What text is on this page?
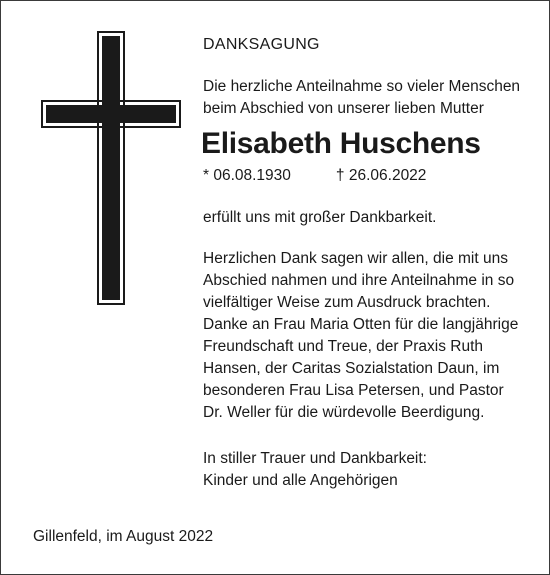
DANKSAGUNG
Die herzliche Anteilnahme so vieler Menschen
beim Abschied von unserer lieben Mutter
Elisabeth Huschens
* 06.08.1930	† 26.06.2022
erfüllt uns mit großer Dankbarkeit.
Herzlichen Dank sagen wir allen, die mit uns
Abschied nahmen und ihre Anteilnahme in so
vielfältiger Weise zum Ausdruck brachten.
Danke an Frau Maria Otten für die langjährige
Freundschaft und Treue, der Praxis Ruth
Hansen, der Caritas Sozialstation Daun, im
besonderen Frau Lisa Petersen, und Pastor
Dr. Weller für die würdevolle Beerdigung.
In stiller Trauer und Dankbarkeit:
Kinder und alle Angehörigen
Gillenfeld, im August 2022
